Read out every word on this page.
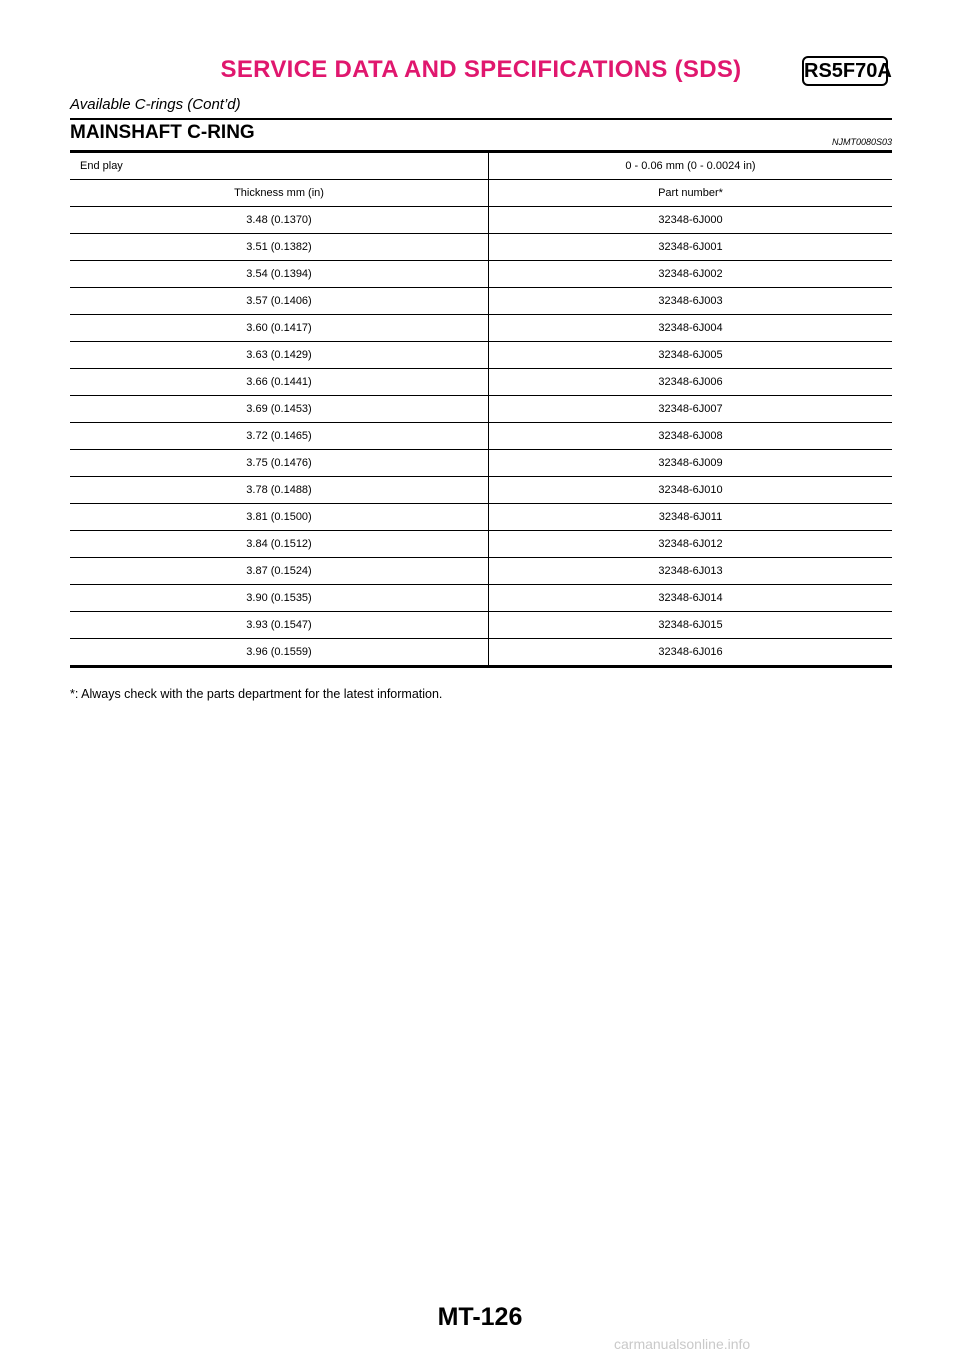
SERVICE DATA AND SPECIFICATIONS (SDS)	RS5F70A
Available C-rings (Cont’d)
MAINSHAFT C-RING	NJMT0080S03
End play	0 - 0.06 mm (0 - 0.0024 in)
Thickness mm (in)	Part number*
3.48 (0.1370)	32348-6J000
3.51 (0.1382)	32348-6J001
3.54 (0.1394)	32348-6J002
3.57 (0.1406)	32348-6J003
3.60 (0.1417)	32348-6J004
3.63 (0.1429)	32348-6J005
3.66 (0.1441)	32348-6J006
3.69 (0.1453)	32348-6J007
3.72 (0.1465)	32348-6J008
3.75 (0.1476)	32348-6J009
3.78 (0.1488)	32348-6J010
3.81 (0.1500)	32348-6J011
3.84 (0.1512)	32348-6J012
3.87 (0.1524)	32348-6J013
3.90 (0.1535)	32348-6J014
3.93 (0.1547)	32348-6J015
3.96 (0.1559)	32348-6J016
*: Always check with the parts department for the latest information.
MT-126
carmanualsonline.info
